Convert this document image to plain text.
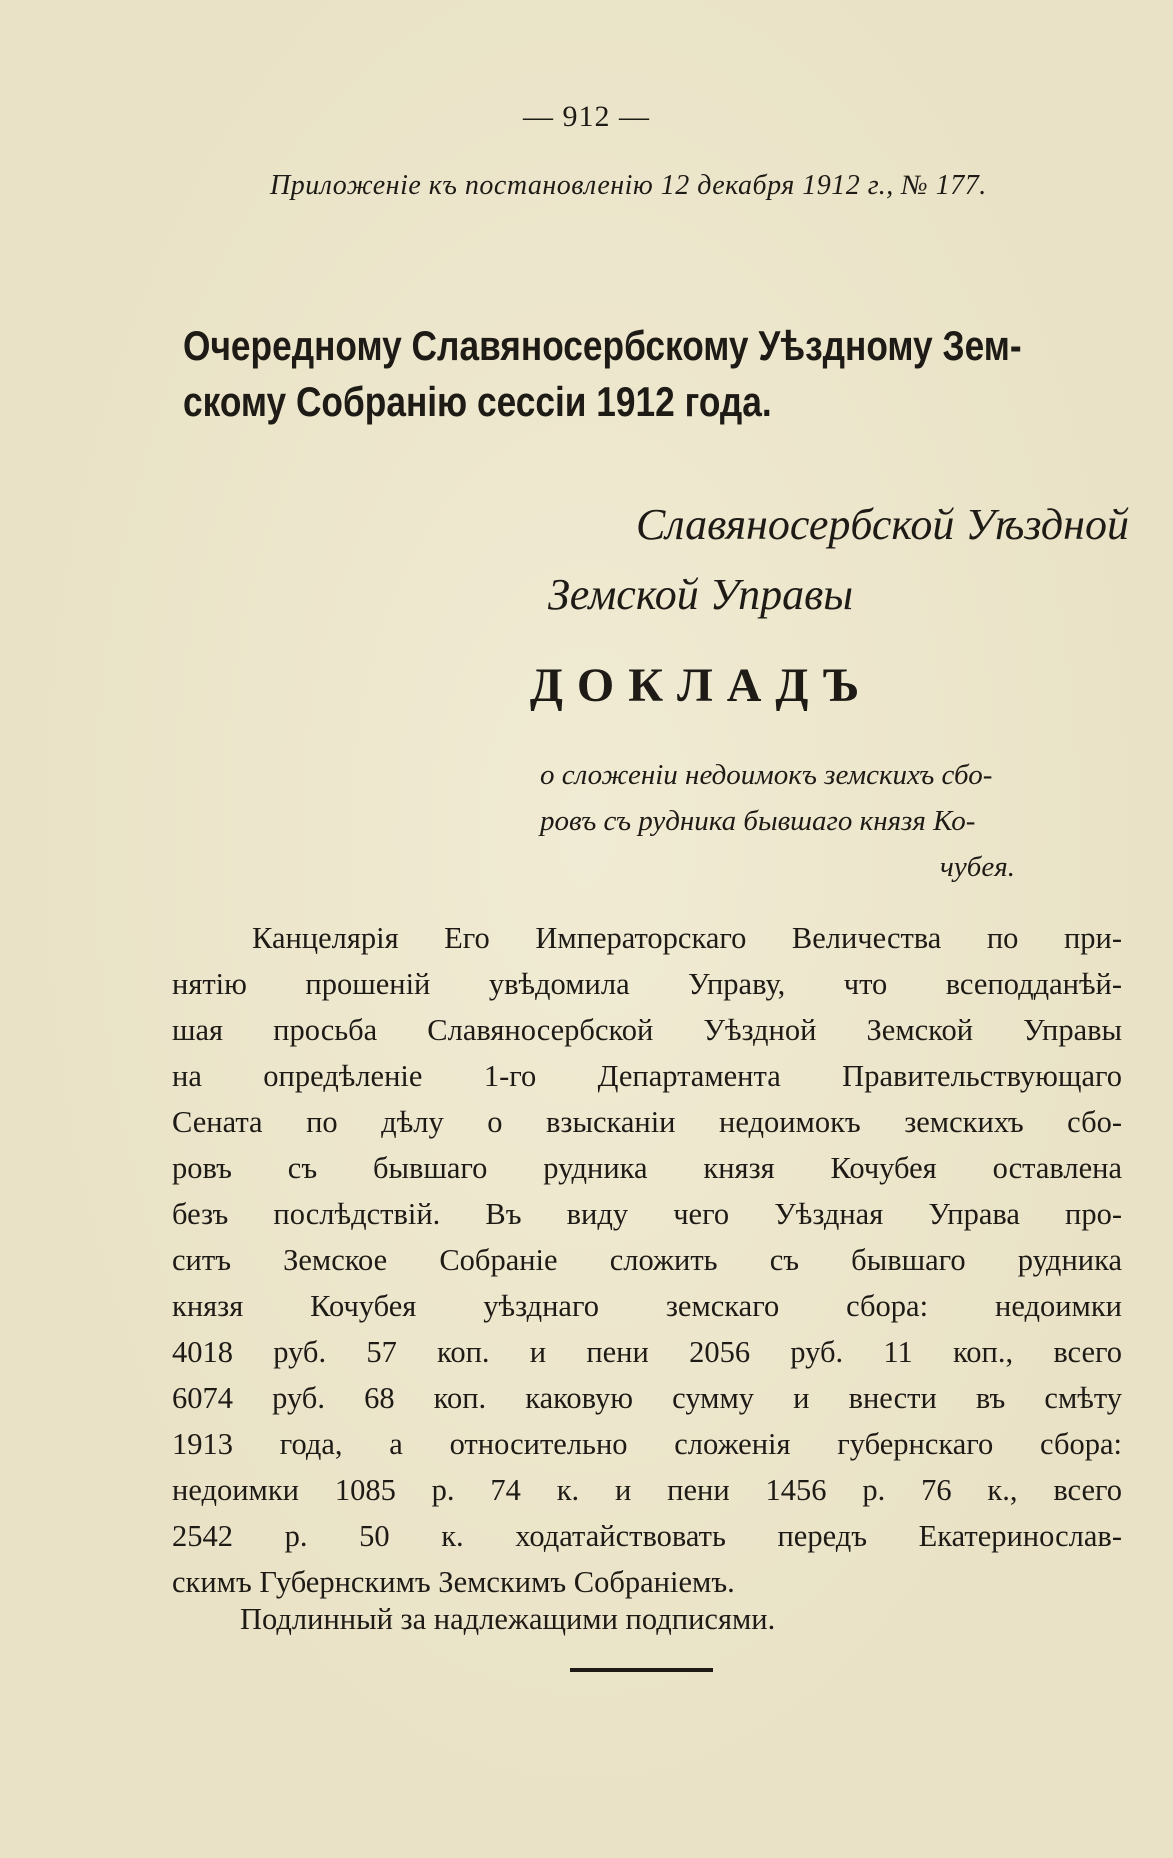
— 912 —
Приложеніе къ постановленію 12 декабря 1912 г., № 177.
Очередному Славяносербскому Уѣздному Зем-
скому Собранію сессіи 1912 года.
Славяносербской Уѣздной
Земской Управы
ДОКЛАДЪ
о сложеніи недоимокъ земскихъ сбо-
ровъ съ рудника бывшаго князя Ко-
чубея.
Канцелярія Его Императорскаго Величества по при-
нятію прошеній увѣдомила Управу, что всеподданѣй-
шая просьба Славяносербской Уѣздной Земской Управы
на опредѣленіе 1-го Департамента Правительствующаго
Сената по дѣлу о взысканіи недоимокъ земскихъ сбо-
ровъ съ бывшаго рудника князя Кочубея оставлена
безъ послѣдствій. Въ виду чего Уѣздная Управа про-
ситъ Земское Собраніе сложить съ бывшаго рудника
князя Кочубея уѣзднаго земскаго сбора: недоимки
4018 руб. 57 коп. и пени 2056 руб. 11 коп., всего
6074 руб. 68 коп. каковую сумму и внести въ смѣту
1913 года, а относительно сложенія губернскаго сбора:
недоимки 1085 р. 74 к. и пени 1456 р. 76 к., всего
2542 р. 50 к. ходатайствовать передъ Екатеринослав-
скимъ Губернскимъ Земскимъ Собраніемъ.
Подлинный за надлежащими подписями.
